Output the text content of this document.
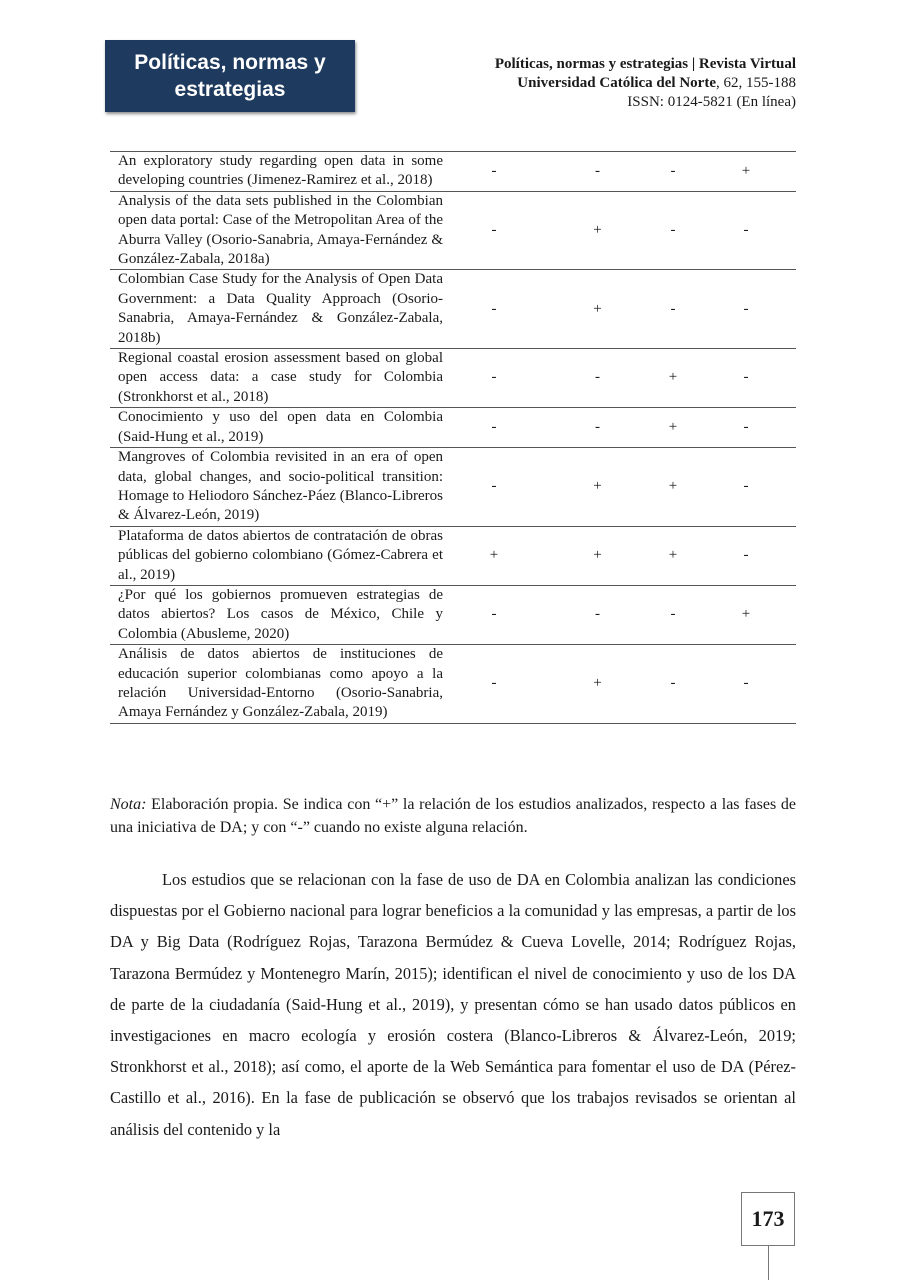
Políticas, normas y
estrategias
Políticas, normas y estrategias | Revista Virtual
Universidad Católica del Norte, 62, 155-188
ISSN: 0124-5821 (En línea)
An exploratory study regarding open data in some developing countries (Jimenez-Ramirez et al., 2018)	-	-	-	+
Analysis of the data sets published in the Colombian open data portal: Case of the Metropolitan Area of the Aburra Valley (Osorio-Sanabria, Amaya-Fernández & González-Zabala, 2018a)	-	+	-	-
Colombian Case Study for the Analysis of Open Data Government: a Data Quality Approach (Osorio-Sanabria, Amaya-Fernández & González-Zabala, 2018b)	-	+	-	-
Regional coastal erosion assessment based on global open access data: a case study for Colombia (Stronkhorst et al., 2018)	-	-	+	-
Conocimiento y uso del open data en Colombia (Said-Hung et al., 2019)	-	-	+	-
Mangroves of Colombia revisited in an era of open data, global changes, and socio-political transition: Homage to Heliodoro Sánchez-Páez (Blanco-Libreros & Álvarez-León, 2019)	-	+	+	-
Plataforma de datos abiertos de contratación de obras públicas del gobierno colombiano (Gómez-Cabrera et al., 2019)	+	+	+	-
¿Por qué los gobiernos promueven estrategias de datos abiertos? Los casos de México, Chile y Colombia (Abusleme, 2020)	-	-	-	+
Análisis de datos abiertos de instituciones de educación superior colombianas como apoyo a la relación Universidad-Entorno (Osorio-Sanabria, Amaya Fernández y González-Zabala, 2019)	-	+	-	-
Nota: Elaboración propia. Se indica con “+” la relación de los estudios analizados, respecto a las fases de una iniciativa de DA; y con “-” cuando no existe alguna relación.

Los estudios que se relacionan con la fase de uso de DA en Colombia analizan las condiciones dispuestas por el Gobierno nacional para lograr beneficios a la comunidad y las empresas, a partir de los DA y Big Data (Rodríguez Rojas, Tarazona Bermúdez & Cueva Lovelle, 2014; Rodríguez Rojas, Tarazona Bermúdez y Montenegro Marín, 2015); identifican el nivel de conocimiento y uso de los DA de parte de la ciudadanía (Said-Hung et al., 2019), y presentan cómo se han usado datos públicos en investigaciones en macro ecología y erosión costera (Blanco-Libreros & Álvarez-León, 2019; Stronkhorst et al., 2018); así como, el aporte de la Web Semántica para fomentar el uso de DA (Pérez-Castillo et al., 2016). En la fase de publicación se observó que los trabajos revisados se orientan al análisis del contenido y la

173
